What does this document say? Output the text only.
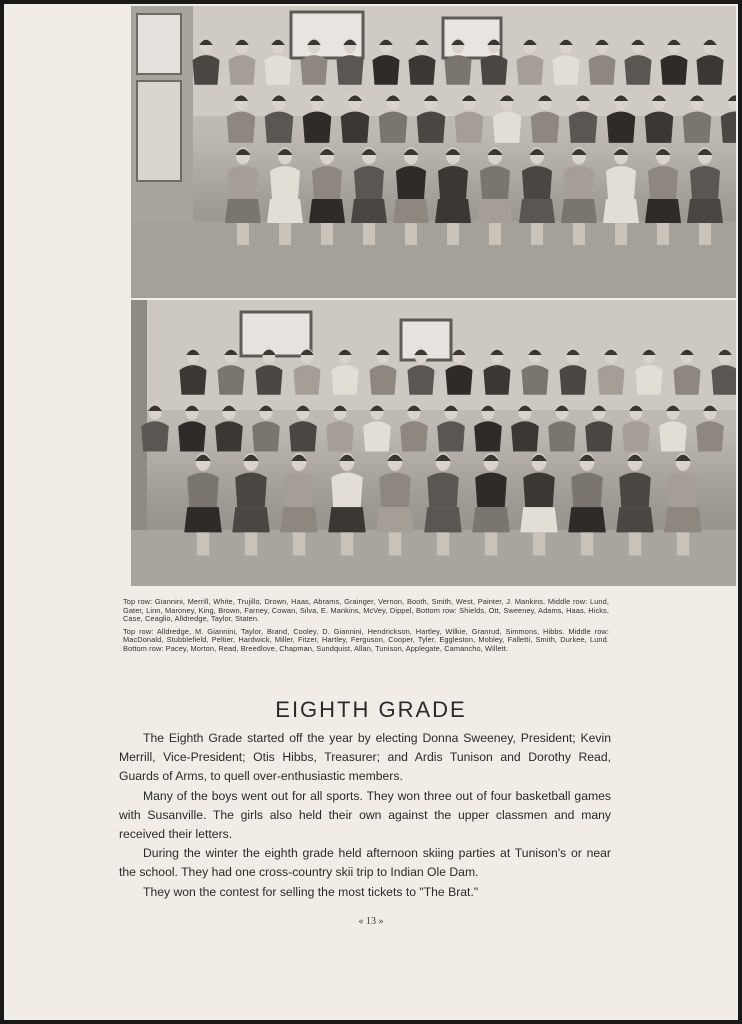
Top row: Giannini, Merrill, White, Trujillo, Drown, Haas, Abrams, Grainger, Vernon, Booth, Smith, West, Painter, J. Mankins. Middle row: Lund, Gater, Linn, Maroney, King, Brown, Farney, Cowan, Silva, E. Mankins, McVey, Dippel, Bottom row: Shields, Ott, Sweeney, Adams, Haas, Hicks, Case, Ceaglio, Alldredge, Taylor, Staten.

Top row: Alldredge, M. Giannini, Taylor, Brand, Cooley, D. Giannini, Hendrickson, Hartley, Wilkie, Granrud, Simmons, Hibbs. Middle row: MacDonald, Stubblefield, Peltier, Hardwick, Miller, Fitzer, Hartley, Ferguson, Cooper, Tyler, Eggleston, Mobley, Falletti, Smith, Durkee, Lund. Bottom row: Pacey, Morton, Read, Breedlove, Chapman, Sundquist, Allan, Tunison, Applegate, Camancho, Willett.

EIGHTH GRADE

The Eighth Grade started off the year by electing Donna Sweeney, President; Kevin Merrill, Vice-President; Otis Hibbs, Treasurer; and Ardis Tunison and Dorothy Read, Guards of Arms, to quell over-enthusiastic members.

Many of the boys went out for all sports. They won three out of four basketball games with Susanville. The girls also held their own against the upper classmen and many received their letters.

During the winter the eighth grade held afternoon skiing parties at Tunison's or near the school. They had one cross-country skii trip to Indian Ole Dam.

They won the contest for selling the most tickets to "The Brat."

« 13 »
